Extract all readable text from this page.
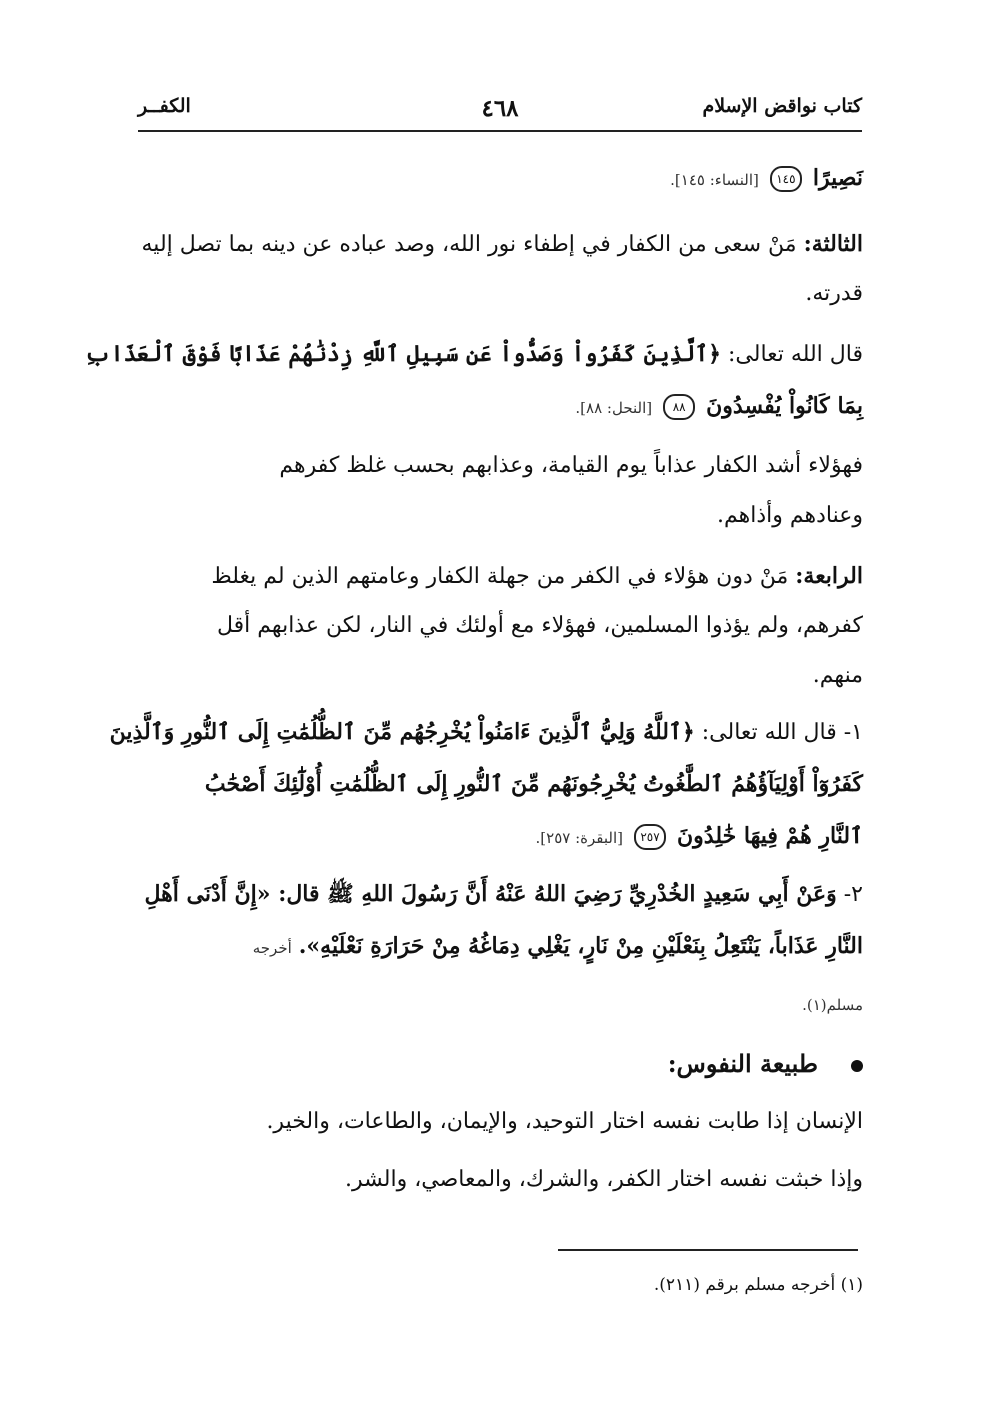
كتاب نواقض الإسلام
٤٦٨
الكفــر
نَصِيرًا ١٤٥ [النساء: ١٤٥].
الثالثة: مَنْ سعى من الكفار في إطفاء نور الله، وصد عباده عن دينه بما تصل إليه
قدرته.
قال الله تعالى: ﴿ٱلَّذِينَ كَفَرُواْ وَصَدُّواْ عَن سَبِيلِ ٱللَّهِ زِدْنَٰهُمْ عَذَابًا فَوْقَ ٱلْعَذَابِ
بِمَا كَانُواْ يُفْسِدُونَ ٨٨ [النحل: ٨٨].
فهؤلاء أشد الكفار عذاباً يوم القيامة، وعذابهم بحسب غلظ كفرهم
وعنادهم وأذاهم.
الرابعة: مَنْ دون هؤلاء في الكفر من جهلة الكفار وعامتهم الذين لم يغلظ
كفرهم، ولم يؤذوا المسلمين، فهؤلاء مع أولئك في النار، لكن عذابهم أقل
منهم.
١- قال الله تعالى: ﴿ٱللَّهُ وَلِيُّ ٱلَّذِينَ ءَامَنُواْ يُخْرِجُهُم مِّنَ ٱلظُّلُمَٰتِ إِلَى ٱلنُّورِ وَٱلَّذِينَ
كَفَرُوٓاْ أَوْلِيَآؤُهُمُ ٱلطَّٰغُوتُ يُخْرِجُونَهُم مِّنَ ٱلنُّورِ إِلَى ٱلظُّلُمَٰتِ أُوْلَٰٓئِكَ أَصْحَٰبُ
ٱلنَّارِ هُمْ فِيهَا خَٰلِدُونَ ٢٥٧ [البقرة: ٢٥٧].
٢- وَعَنْ أَبِي سَعِيدٍ الخُدْرِيِّ رَضِيَ اللهُ عَنْهُ أَنَّ رَسُولَ اللهِ ﷺ قال: «إِنَّ أَدْنَى أَهْلِ
النَّارِ عَذَاباً، يَنْتَعِلُ بِنَعْلَيْنِ مِنْ نَارٍ، يَغْلِي دِمَاغُهُ مِنْ حَرَارَةِ نَعْلَيْهِ». أخرجه
مسلم(١).
طبيعة النفوس:
الإنسان إذا طابت نفسه اختار التوحيد، والإيمان، والطاعات، والخير.
وإذا خبثت نفسه اختار الكفر، والشرك، والمعاصي، والشر.
(١) أخرجه مسلم برقم (٢١١).
